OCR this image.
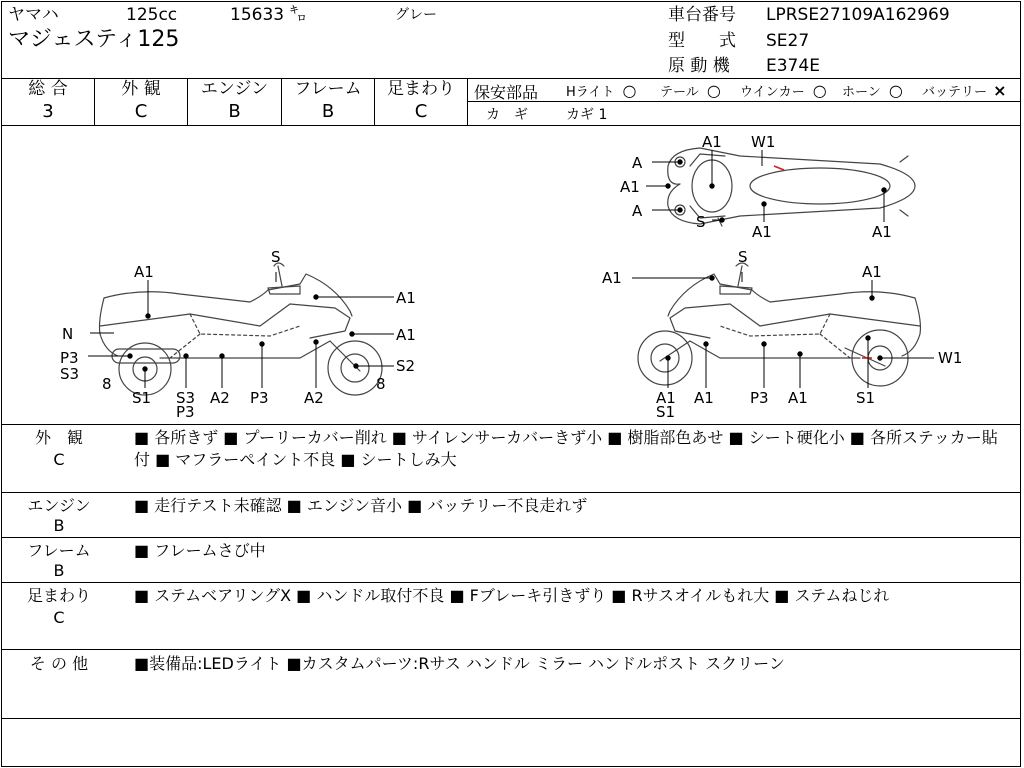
ヤマハ	125cc	15633 ㌔	グレー
マジェスティ125
車台番号 LPRSE27109A162969
型　　式 SE27
原 動 機 E374E
総 合
3
外 観
C
エンジン
B
フレーム
B
足まわり
C
保安部品 Hライト ○ テール ○ ウインカー ○ ホーン ○ バッテリー ×
カ　ギ	カギ 1
S
A1
A1
N	A1
P3
S3	S2
8	8
S1 S3
P3
A2 P3 A2
S
A1	A1
W1
A1 A1
S1
P3 A1	S1
A1 W1
A
A1
A
S
A1	A1
外　観
C
■ 各所きず ■ プーリーカバー削れ ■ サイレンサーカバーきず小 ■ 樹脂部色あせ ■ シート硬化小 ■ 各所ステッカー貼付 ■ マフラーペイント不良 ■ シートしみ大
エンジン
B
■ 走行テスト未確認 ■ エンジン音小 ■ バッテリー不良走れず
フレーム
B
■ フレームさび中
足まわり
C
■ ステムベアリングX ■ ハンドル取付不良 ■ Fブレーキ引きずり ■ Rサスオイルもれ大 ■ ステムねじれ
そ の 他	■装備品:LEDライト ■カスタムパーツ:Rサス ハンドル ミラー ハンドルポスト スクリーン
